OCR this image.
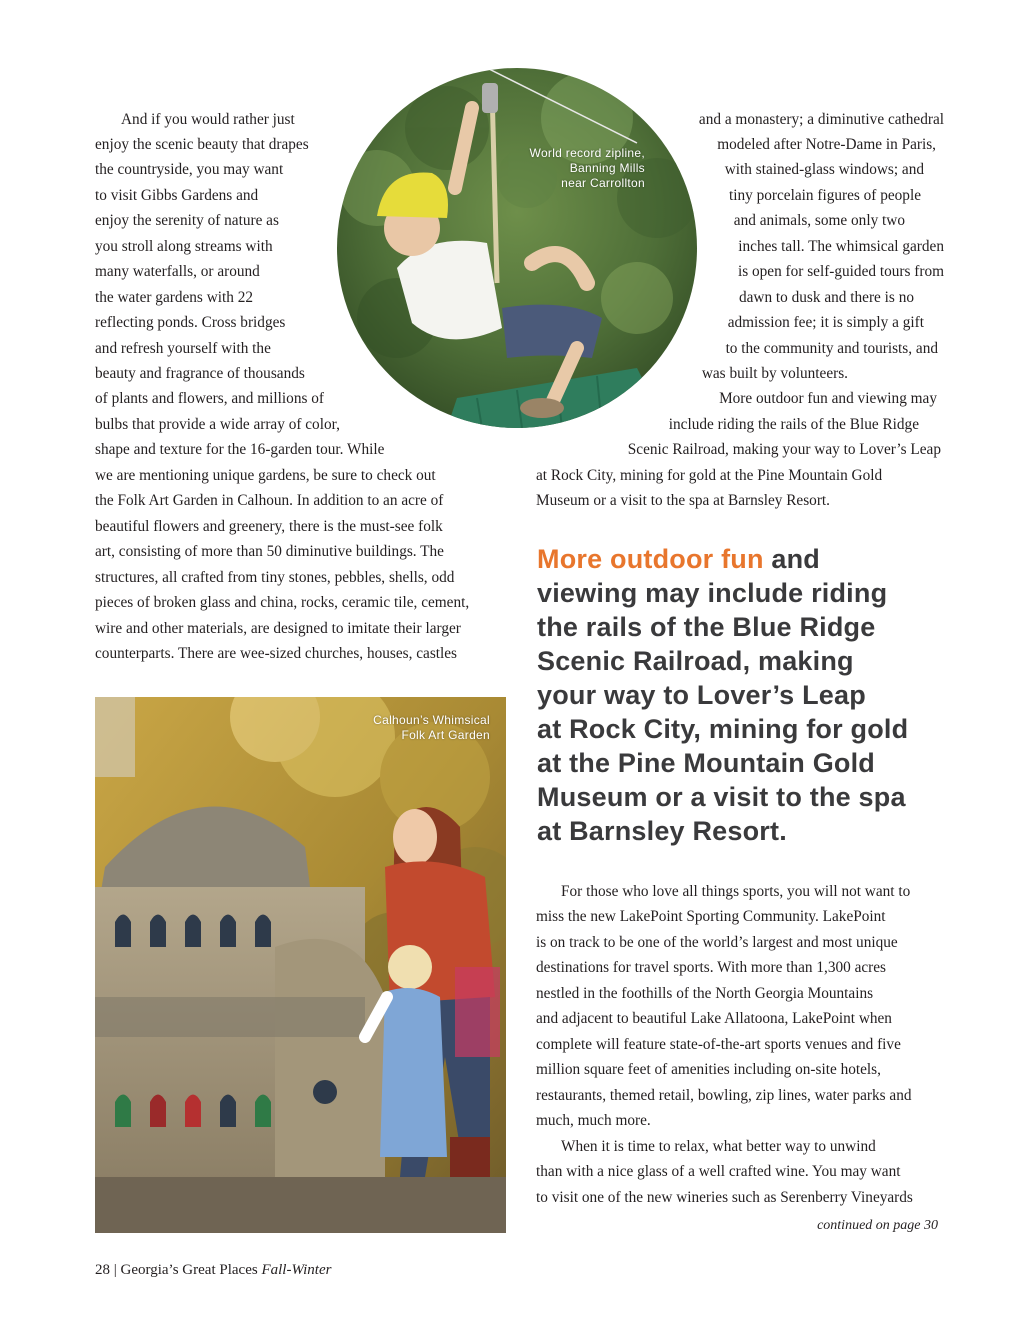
And if you would rather just
enjoy the scenic beauty that drapes
the countryside, you may want
to visit Gibbs Gardens and
enjoy the serenity of nature as
you stroll along streams with
many waterfalls, or around
the water gardens with 22
reflecting ponds. Cross bridges
and refresh yourself with the
beauty and fragrance of thousands
of plants and flowers, and millions of
bulbs that provide a wide array of color,
shape and texture for the 16-garden tour. While
we are mentioning unique gardens, be sure to check out
the Folk Art Garden in Calhoun. In addition to an acre of
beautiful flowers and greenery, there is the must-see folk
art, consisting of more than 50 diminutive buildings. The
structures, all crafted from tiny stones, pebbles, shells, odd
pieces of broken glass and china, rocks, ceramic tile, cement,
wire and other materials, are designed to imitate their larger
counterparts. There are wee-sized churches, houses, castles
World record zipline,
Banning Mills
near Carrollton
and a monastery; a diminutive cathedral
modeled after Notre-Dame in Paris,
with stained-glass windows; and
tiny porcelain figures of people
and animals, some only two
inches tall. The whimsical garden
is open for self-guided tours from
dawn to dusk and there is no
admission fee; it is simply a gift
to the community and tourists, and
was built by volunteers.
More outdoor fun and viewing may
include riding the rails of the Blue Ridge
Scenic Railroad, making your way to Lover’s Leap
at Rock City, mining for gold at the Pine Mountain Gold
Museum or a visit to the spa at Barnsley Resort.
More outdoor fun and
viewing may include riding
the rails of the Blue Ridge
Scenic Railroad, making
your way to Lover’s Leap
at Rock City, mining for gold
at the Pine Mountain Gold
Museum or a visit to the spa
at Barnsley Resort.
For those who love all things sports, you will not want to
miss the new LakePoint Sporting Community. LakePoint
is on track to be one of the world’s largest and most unique
destinations for travel sports. With more than 1,300 acres
nestled in the foothills of the North Georgia Mountains
and adjacent to beautiful Lake Allatoona, LakePoint when
complete will feature state-of-the-art sports venues and five
million square feet of amenities including on-site hotels,
restaurants, themed retail, bowling, zip lines, water parks and
much, much more.
When it is time to relax, what better way to unwind
than with a nice glass of a well crafted wine. You may want
to visit one of the new wineries such as Serenberry Vineyards
continued on page 30
Calhoun’s Whimsical
Folk Art Garden
28 | Georgia’s Great Places Fall-Winter
